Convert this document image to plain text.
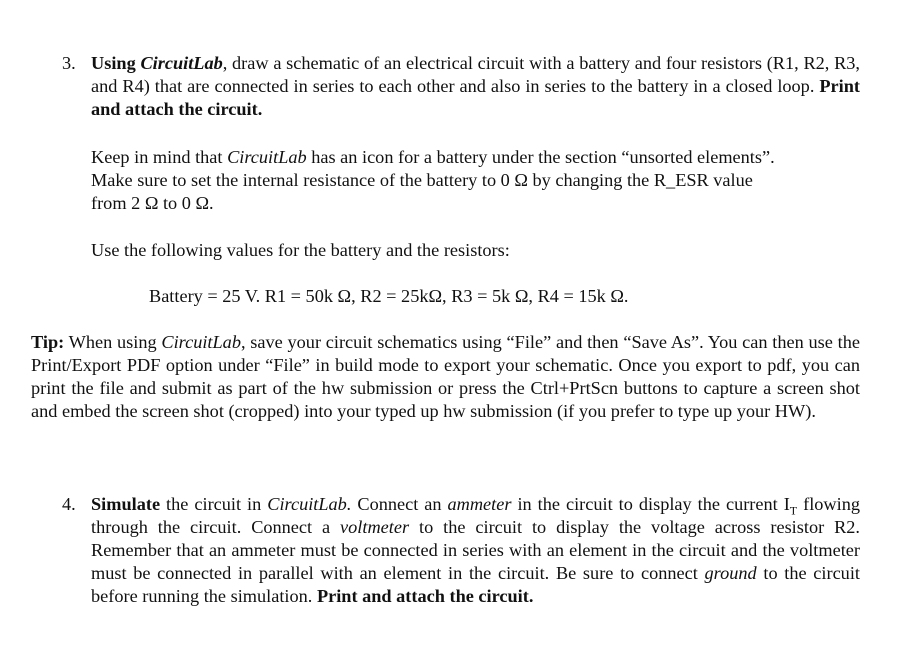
3. Using CircuitLab, draw a schematic of an electrical circuit with a battery and four resistors (R1, R2, R3, and R4) that are connected in series to each other and also in series to the battery in a closed loop. Print and attach the circuit.

Keep in mind that CircuitLab has an icon for a battery under the section “unsorted elements”.

Make sure to set the internal resistance of the battery to 0 Ω by changing the R_ESR value

from 2 Ω to 0 Ω.

Use the following values for the battery and the resistors:

Battery = 25 V. R1 = 50k Ω, R2 = 25kΩ, R3 = 5k Ω, R4 = 15k Ω.

Tip: When using CircuitLab, save your circuit schematics using “File” and then “Save As”. You can then use the Print/Export PDF option under “File” in build mode to export your schematic. Once you export to pdf, you can print the file and submit as part of the hw submission or press the Ctrl+PrtScn buttons to capture a screen shot and embed the screen shot (cropped) into your typed up hw submission (if you prefer to type up your HW).

4. Simulate the circuit in CircuitLab. Connect an ammeter in the circuit to display the current $I_T$ flowing through the circuit. Connect a voltmeter to the circuit to display the voltage across resistor R2. Remember that an ammeter must be connected in series with an element in the circuit and the voltmeter must be connected in parallel with an element in the circuit. Be sure to connect ground to the circuit before running the simulation. Print and attach the circuit.
